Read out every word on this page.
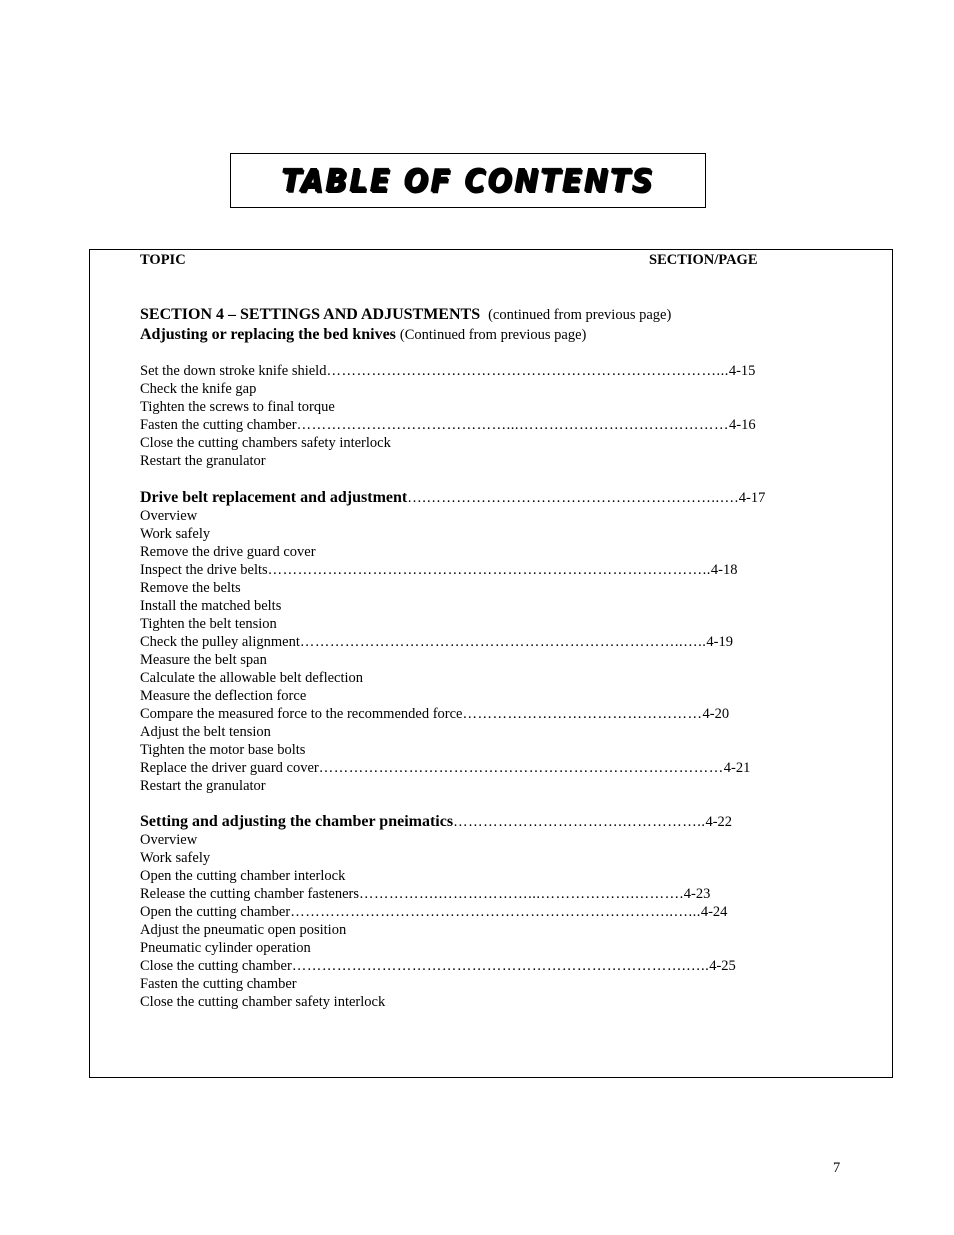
TABLE OF CONTENTS
TOPIC	SECTION/PAGE
SECTION 4 – SETTINGS AND ADJUSTMENTS (continued from previous page)
Adjusting or replacing the bed knives (Continued from previous page)
Set the down stroke knife shield ……………………………………………………………………... 4-15
Check the knife gap
Tighten the screws to final torque
Fasten the cutting chamber ……………………………………...…………………………………… 4-16
Close the cutting chambers safety interlock
Restart the granulator
Drive belt replacement and adjustment ….…………………………………………………..…. 4-17
Overview
Work safely
Remove the drive guard cover
Inspect the drive belts …………………………………………………………………………….. 4-18
Remove the belts
Install the matched belts
Tighten the belt tension
Check the pulley alignment …………………………………………………………………..….. 4-19
Measure the belt span
Calculate the allowable belt deflection
Measure the deflection force
Compare the measured force to the recommended force ………………………………………… 4-20
Adjust the belt tension
Tighten the motor base bolts
Replace the driver guard cover ……………………………………………………………………… 4-21
Restart the granulator
Setting and adjusting the chamber pneimatics …………………………….…………….. 4-22
Overview
Work safely
Open the cutting chamber interlock
Release the cutting chamber fasteners …………….………………...……………….………. 4-23
Open the cutting chamber …………………………………………………………………..…... 4-24
Adjust the pneumatic open position
Pneumatic cylinder operation
Close the cutting chamber …………………………………………………………………….….. 4-25
Fasten the cutting chamber
Close the cutting chamber safety interlock
7
